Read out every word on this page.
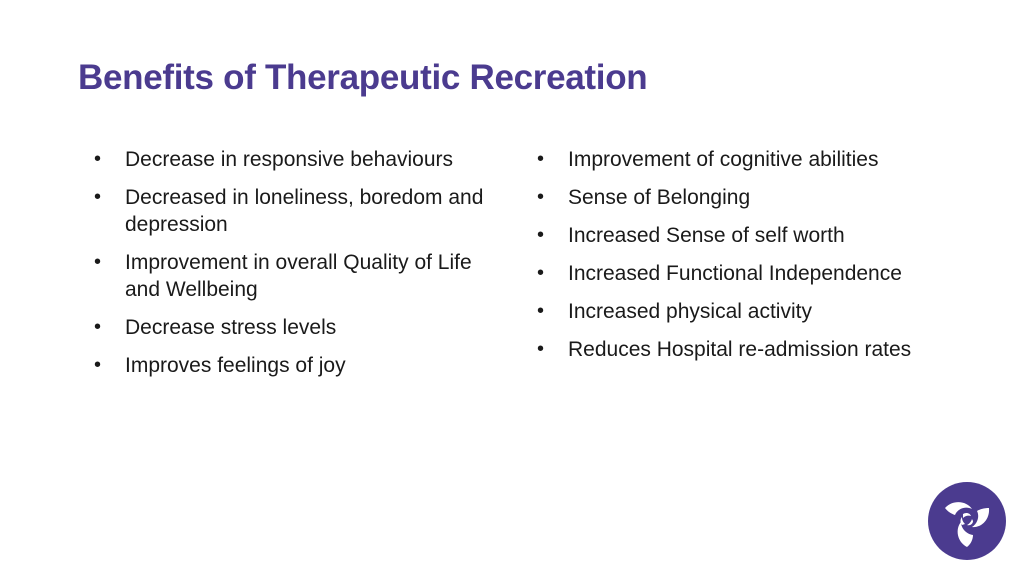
Benefits of Therapeutic Recreation
• Decrease in responsive behaviours
• Decreased in loneliness, boredom and depression
• Improvement in overall Quality of Life and Wellbeing
• Decrease stress levels
• Improves feelings of joy
• Improvement of cognitive abilities
• Sense of Belonging
• Increased Sense of self worth
• Increased Functional Independence
• Increased physical activity
• Reduces Hospital re-admission rates
